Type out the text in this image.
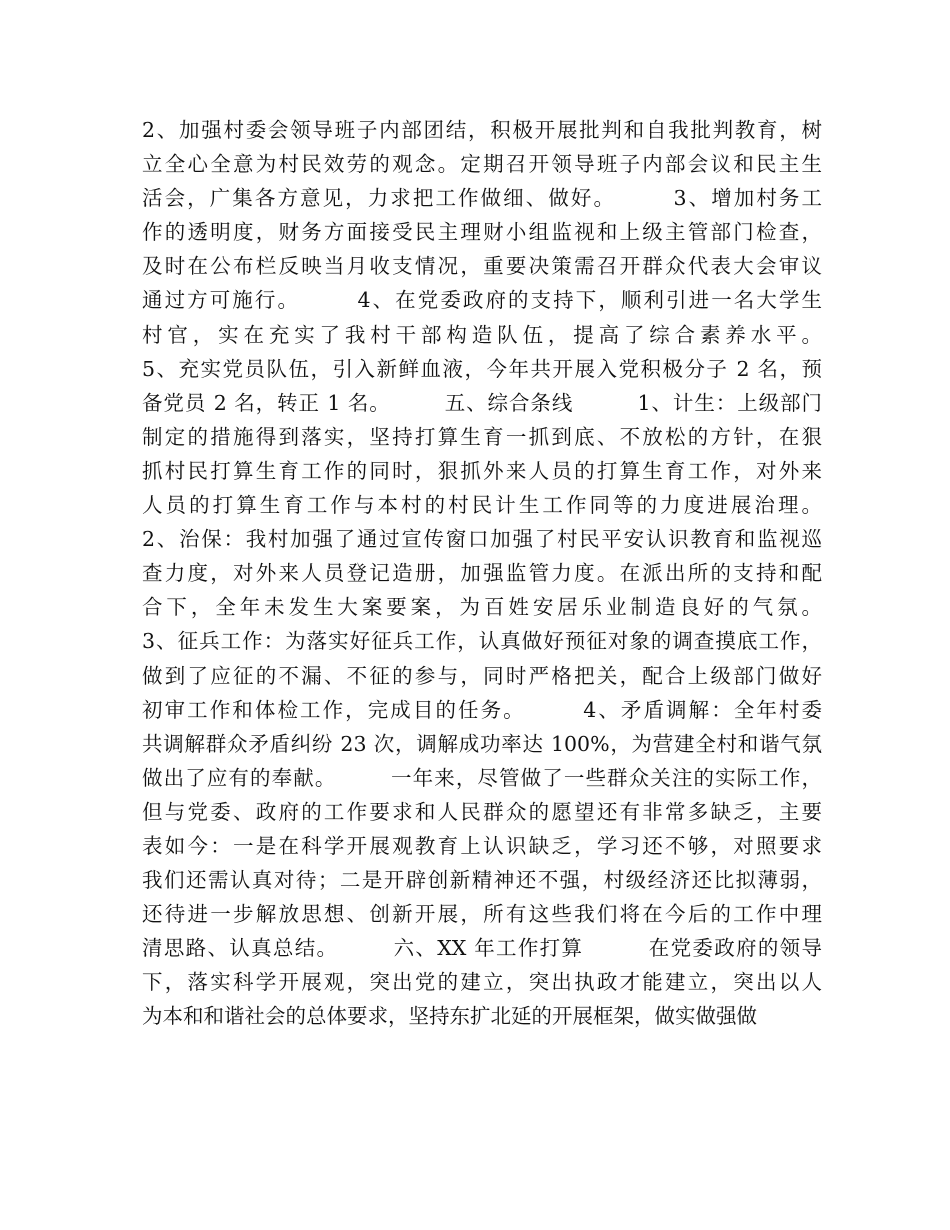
2、加强村委会领导班子内部团结，积极开展批判和自我批判教育，树
立全心全意为村民效劳的观念。定期召开领导班子内部会议和民主生
活会，广集各方意见，力求把工作做细、做好。　　　3、增加村务工
作的透明度，财务方面接受民主理财小组监视和上级主管部门检查，
及时在公布栏反映当月收支情况，重要决策需召开群众代表大会审议
通过方可施行。　　　4、在党委政府的支持下，顺利引进一名大学生
村官，实在充实了我村干部构造队伍，提高了综合素养水平。
5、充实党员队伍，引入新鲜血液，今年共开展入党积极分子 2 名，预
备党员 2 名，转正 1 名。　　　五、综合条线　　　1、计生：上级部门
制定的措施得到落实，坚持打算生育一抓到底、不放松的方针，在狠
抓村民打算生育工作的同时，狠抓外来人员的打算生育工作，对外来
人员的打算生育工作与本村的村民计生工作同等的力度进展治理。
2、治保：我村加强了通过宣传窗口加强了村民平安认识教育和监视巡
查力度，对外来人员登记造册，加强监管力度。在派出所的支持和配
合下，全年未发生大案要案，为百姓安居乐业制造良好的气氛。
3、征兵工作：为落实好征兵工作，认真做好预征对象的调查摸底工作，
做到了应征的不漏、不征的参与，同时严格把关，配合上级部门做好
初审工作和体检工作，完成目的任务。　　　4、矛盾调解：全年村委
共调解群众矛盾纠纷 23 次，调解成功率达 100%，为营建全村和谐气氛
做出了应有的奉献。　　　一年来，尽管做了一些群众关注的实际工作，
但与党委、政府的工作要求和人民群众的愿望还有非常多缺乏，主要
表如今：一是在科学开展观教育上认识缺乏，学习还不够，对照要求
我们还需认真对待；二是开辟创新精神还不强，村级经济还比拟薄弱，
还待进一步解放思想、创新开展，所有这些我们将在今后的工作中理
清思路、认真总结。　　　六、XX 年工作打算　　　在党委政府的领导
下，落实科学开展观，突出党的建立，突出执政才能建立，突出以人
为本和和谐社会的总体要求，坚持东扩北延的开展框架，做实做强做
